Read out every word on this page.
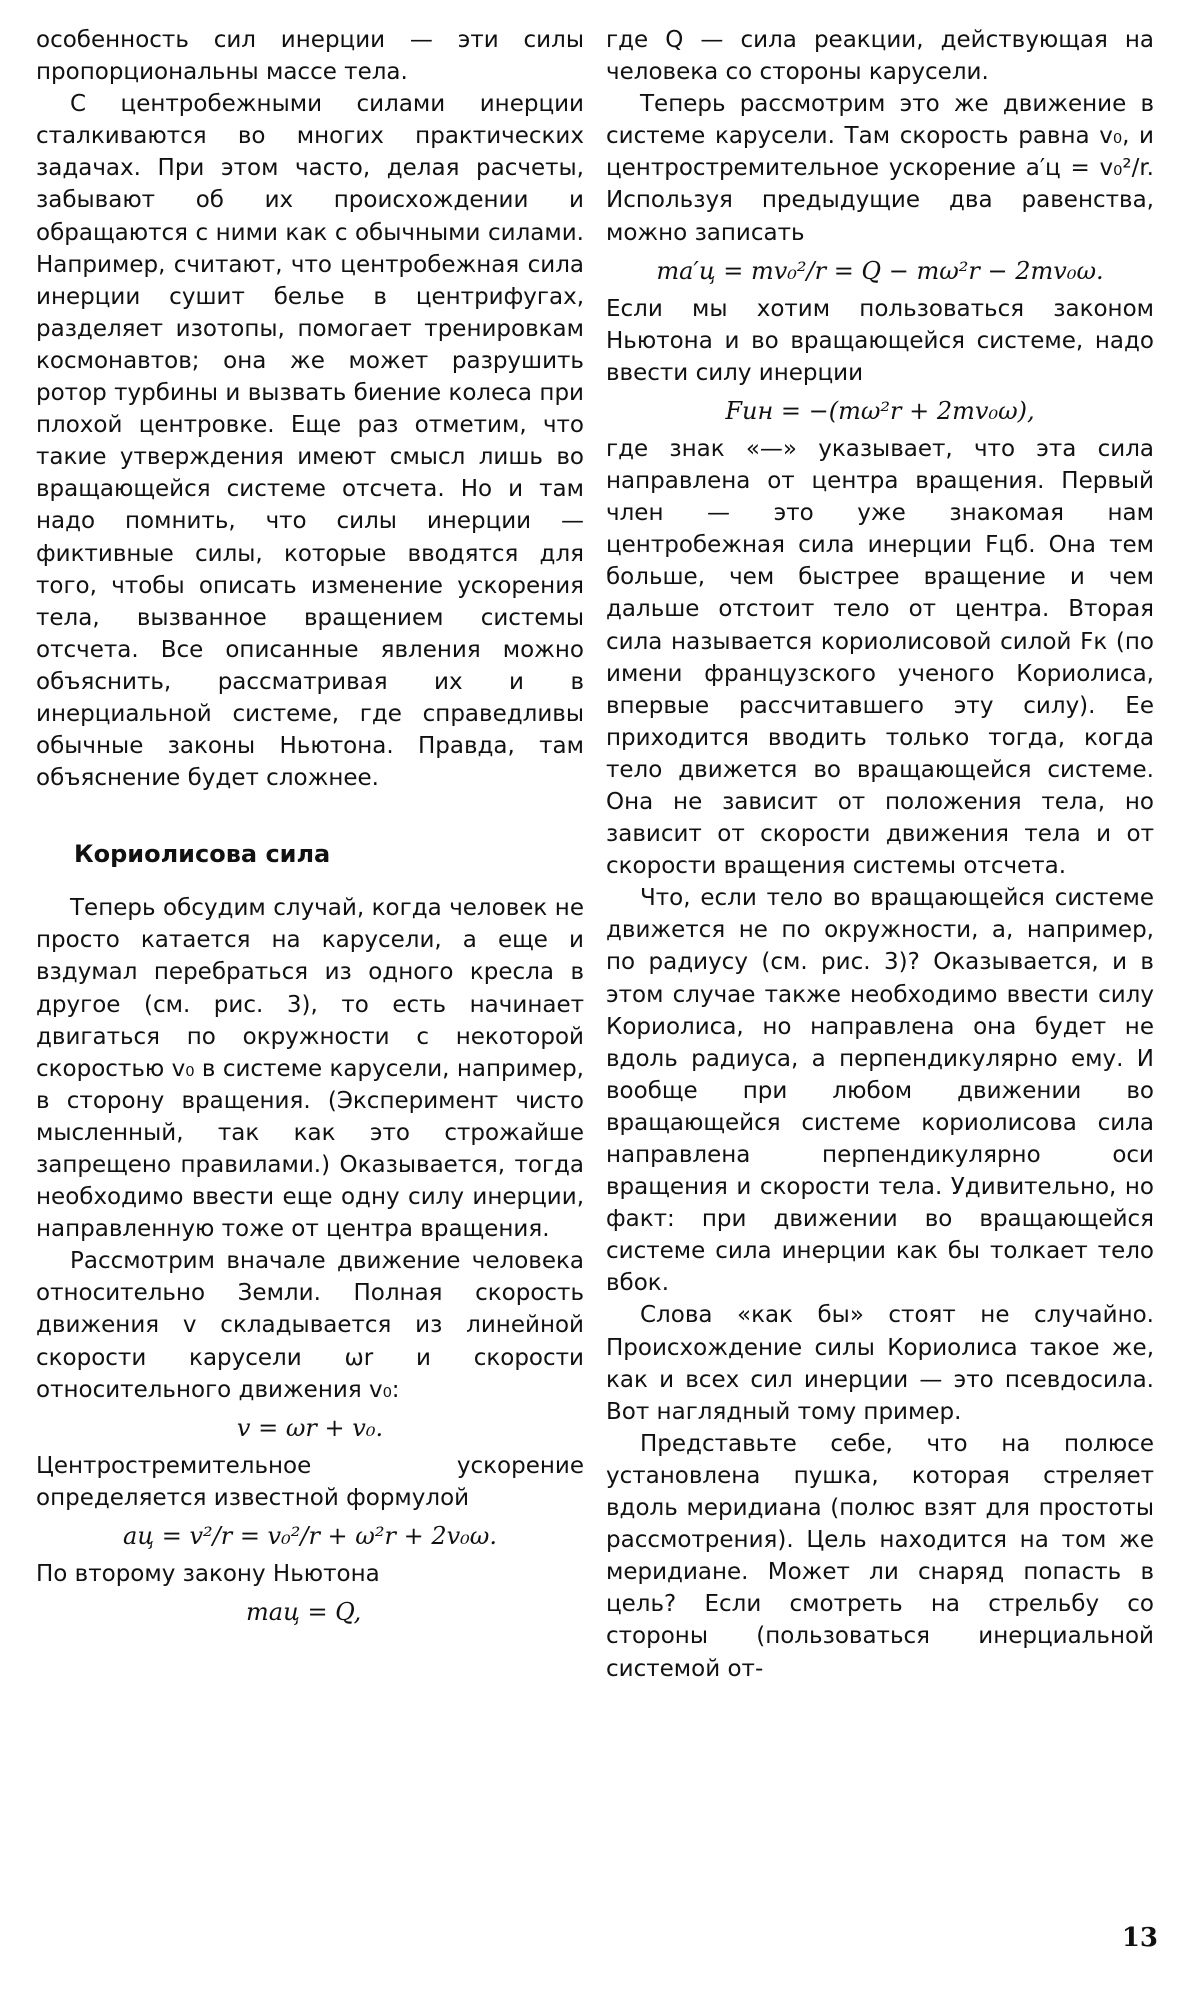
особенность сил инерции — эти силы пропорциональны массе тела.

С центробежными силами инерции сталкиваются во многих практических задачах. При этом часто, делая расчеты, забывают об их происхождении и обращаются с ними как с обычными силами. Например, считают, что центробежная сила инерции сушит белье в центрифугах, разделяет изотопы, помогает тренировкам космонавтов; она же может разрушить ротор турбины и вызвать биение колеса при плохой центровке. Еще раз отметим, что такие утверждения имеют смысл лишь во вращающейся системе отсчета. Но и там надо помнить, что силы инерции — фиктивные силы, которые вводятся для того, чтобы описать изменение ускорения тела, вызванное вращением системы отсчета. Все описанные явления можно объяснить, рассматривая их и в инерциальной системе, где справедливы обычные законы Ньютона. Правда, там объяснение будет сложнее.

Кориолисова сила

Теперь обсудим случай, когда человек не просто катается на карусели, а еще и вздумал перебраться из одного кресла в другое (см. рис. 3), то есть начинает двигаться по окружности с некоторой скоростью v₀ в системе карусели, например, в сторону вращения. (Эксперимент чисто мысленный, так как это строжайше запрещено правилами.) Оказывается, тогда необходимо ввести еще одну силу инерции, направленную тоже от центра вращения.

Рассмотрим вначале движение человека относительно Земли. Полная скорость движения v складывается из линейной скорости карусели ωr и скорости относительного движения v₀:

v = ωr + v₀.

Центростремительное ускорение определяется известной формулой

aц = v²/r = v₀²/r + ω²r + 2v₀ω.

По второму закону Ньютона

maц = Q,

где Q — сила реакции, действующая на человека со стороны карусели.

Теперь рассмотрим это же движение в системе карусели. Там скорость равна v₀, и центростремительное ускорение a′ц = v₀²/r. Используя предыдущие два равенства, можно записать

ma′ц = mv₀²/r = Q − mω²r − 2mv₀ω.

Если мы хотим пользоваться законом Ньютона и во вращающейся системе, надо ввести силу инерции

Fин = −(mω²r + 2mv₀ω),

где знак «—» указывает, что эта сила направлена от центра вращения. Первый член — это уже знакомая нам центробежная сила инерции Fцб. Она тем больше, чем быстрее вращение и чем дальше отстоит тело от центра. Вторая сила называется кориолисовой силой Fк (по имени французского ученого Кориолиса, впервые рассчитавшего эту силу). Ее приходится вводить только тогда, когда тело движется во вращающейся системе. Она не зависит от положения тела, но зависит от скорости движения тела и от скорости вращения системы отсчета.

Что, если тело во вращающейся системе движется не по окружности, а, например, по радиусу (см. рис. 3)? Оказывается, и в этом случае также необходимо ввести силу Кориолиса, но направлена она будет не вдоль радиуса, а перпендикулярно ему. И вообще при любом движении во вращающейся системе кориолисова сила направлена перпендикулярно оси вращения и скорости тела. Удивительно, но факт: при движении во вращающейся системе сила инерции как бы толкает тело вбок.

Слова «как бы» стоят не случайно. Происхождение силы Кориолиса такое же, как и всех сил инерции — это псевдосила. Вот наглядный тому пример.

Представьте себе, что на полюсе установлена пушка, которая стреляет вдоль меридиана (полюс взят для простоты рассмотрения). Цель находится на том же меридиане. Может ли снаряд попасть в цель? Если смотреть на стрельбу со стороны (пользоваться инерциальной системой от-

13
